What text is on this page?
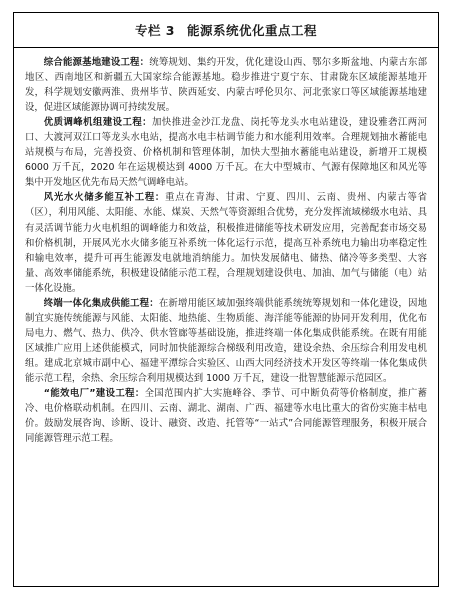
专栏 3 能源系统优化重点工程

综合能源基地建设工程：统筹规划、集约开发，优化建设山西、鄂尔多斯盆地、内蒙古东部地区、西南地区和新疆五大国家综合能源基地。稳步推进宁夏宁东、甘肃陇东区域能源基地开发，科学规划安徽两淮、贵州毕节、陕西延安、内蒙古呼伦贝尔、河北张家口等区域能源基地建设，促进区域能源协调可持续发展。

优质调峰机组建设工程：加快推进金沙江龙盘、岗托等龙头水电站建设，建设雅砻江两河口、大渡河双江口等龙头水电站，提高水电丰枯调节能力和水能利用效率。合理规划抽水蓄能电站规模与布局，完善投资、价格机制和管理体制，加快大型抽水蓄能电站建设，新增开工规模 6000 万千瓦，2020 年在运规模达到 4000 万千瓦。在大中型城市、气源有保障地区和风光等集中开发地区优先布局天然气调峰电站。

风光水火储多能互补工程：重点在青海、甘肃、宁夏、四川、云南、贵州、内蒙古等省（区），利用风能、太阳能、水能、煤炭、天然气等资源组合优势，充分发挥流域梯级水电站、具有灵活调节能力火电机组的调峰能力和效益，积极推进储能等技术研发应用，完善配套市场交易和价格机制，开展风光水火储多能互补系统一体化运行示范，提高互补系统电力输出功率稳定性和输电效率，提升可再生能源发电就地消纳能力。加快发展储电、储热、储冷等多类型、大容量、高效率储能系统，积极建设储能示范工程，合理规划建设供电、加油、加气与储能（电）站一体化设施。

终端一体化集成供能工程：在新增用能区域加强终端供能系统统筹规划和一体化建设，因地制宜实施传统能源与风能、太阳能、地热能、生物质能、海洋能等能源的协同开发利用，优化布局电力、燃气、热力、供冷、供水管廊等基础设施，推进终端一体化集成供能系统。在既有用能区域推广应用上述供能模式，同时加快能源综合梯级利用改造，建设余热、余压综合利用发电机组。建成北京城市副中心、福建平潭综合实验区、山西大同经济技术开发区等终端一体化集成供能示范工程，余热、余压综合利用规模达到 1000 万千瓦，建设一批智慧能源示范园区。

“能效电厂”建设工程：全国范围内扩大实施峰谷、季节、可中断负荷等价格制度，推广蓄冷、电价格联动机制。在四川、云南、湖北、湖南、广西、福建等水电比重大的省份实施丰枯电价。鼓励发展咨询、诊断、设计、融资、改造、托管等“一站式”合同能源管理服务，积极开展合同能源管理示范工程。
